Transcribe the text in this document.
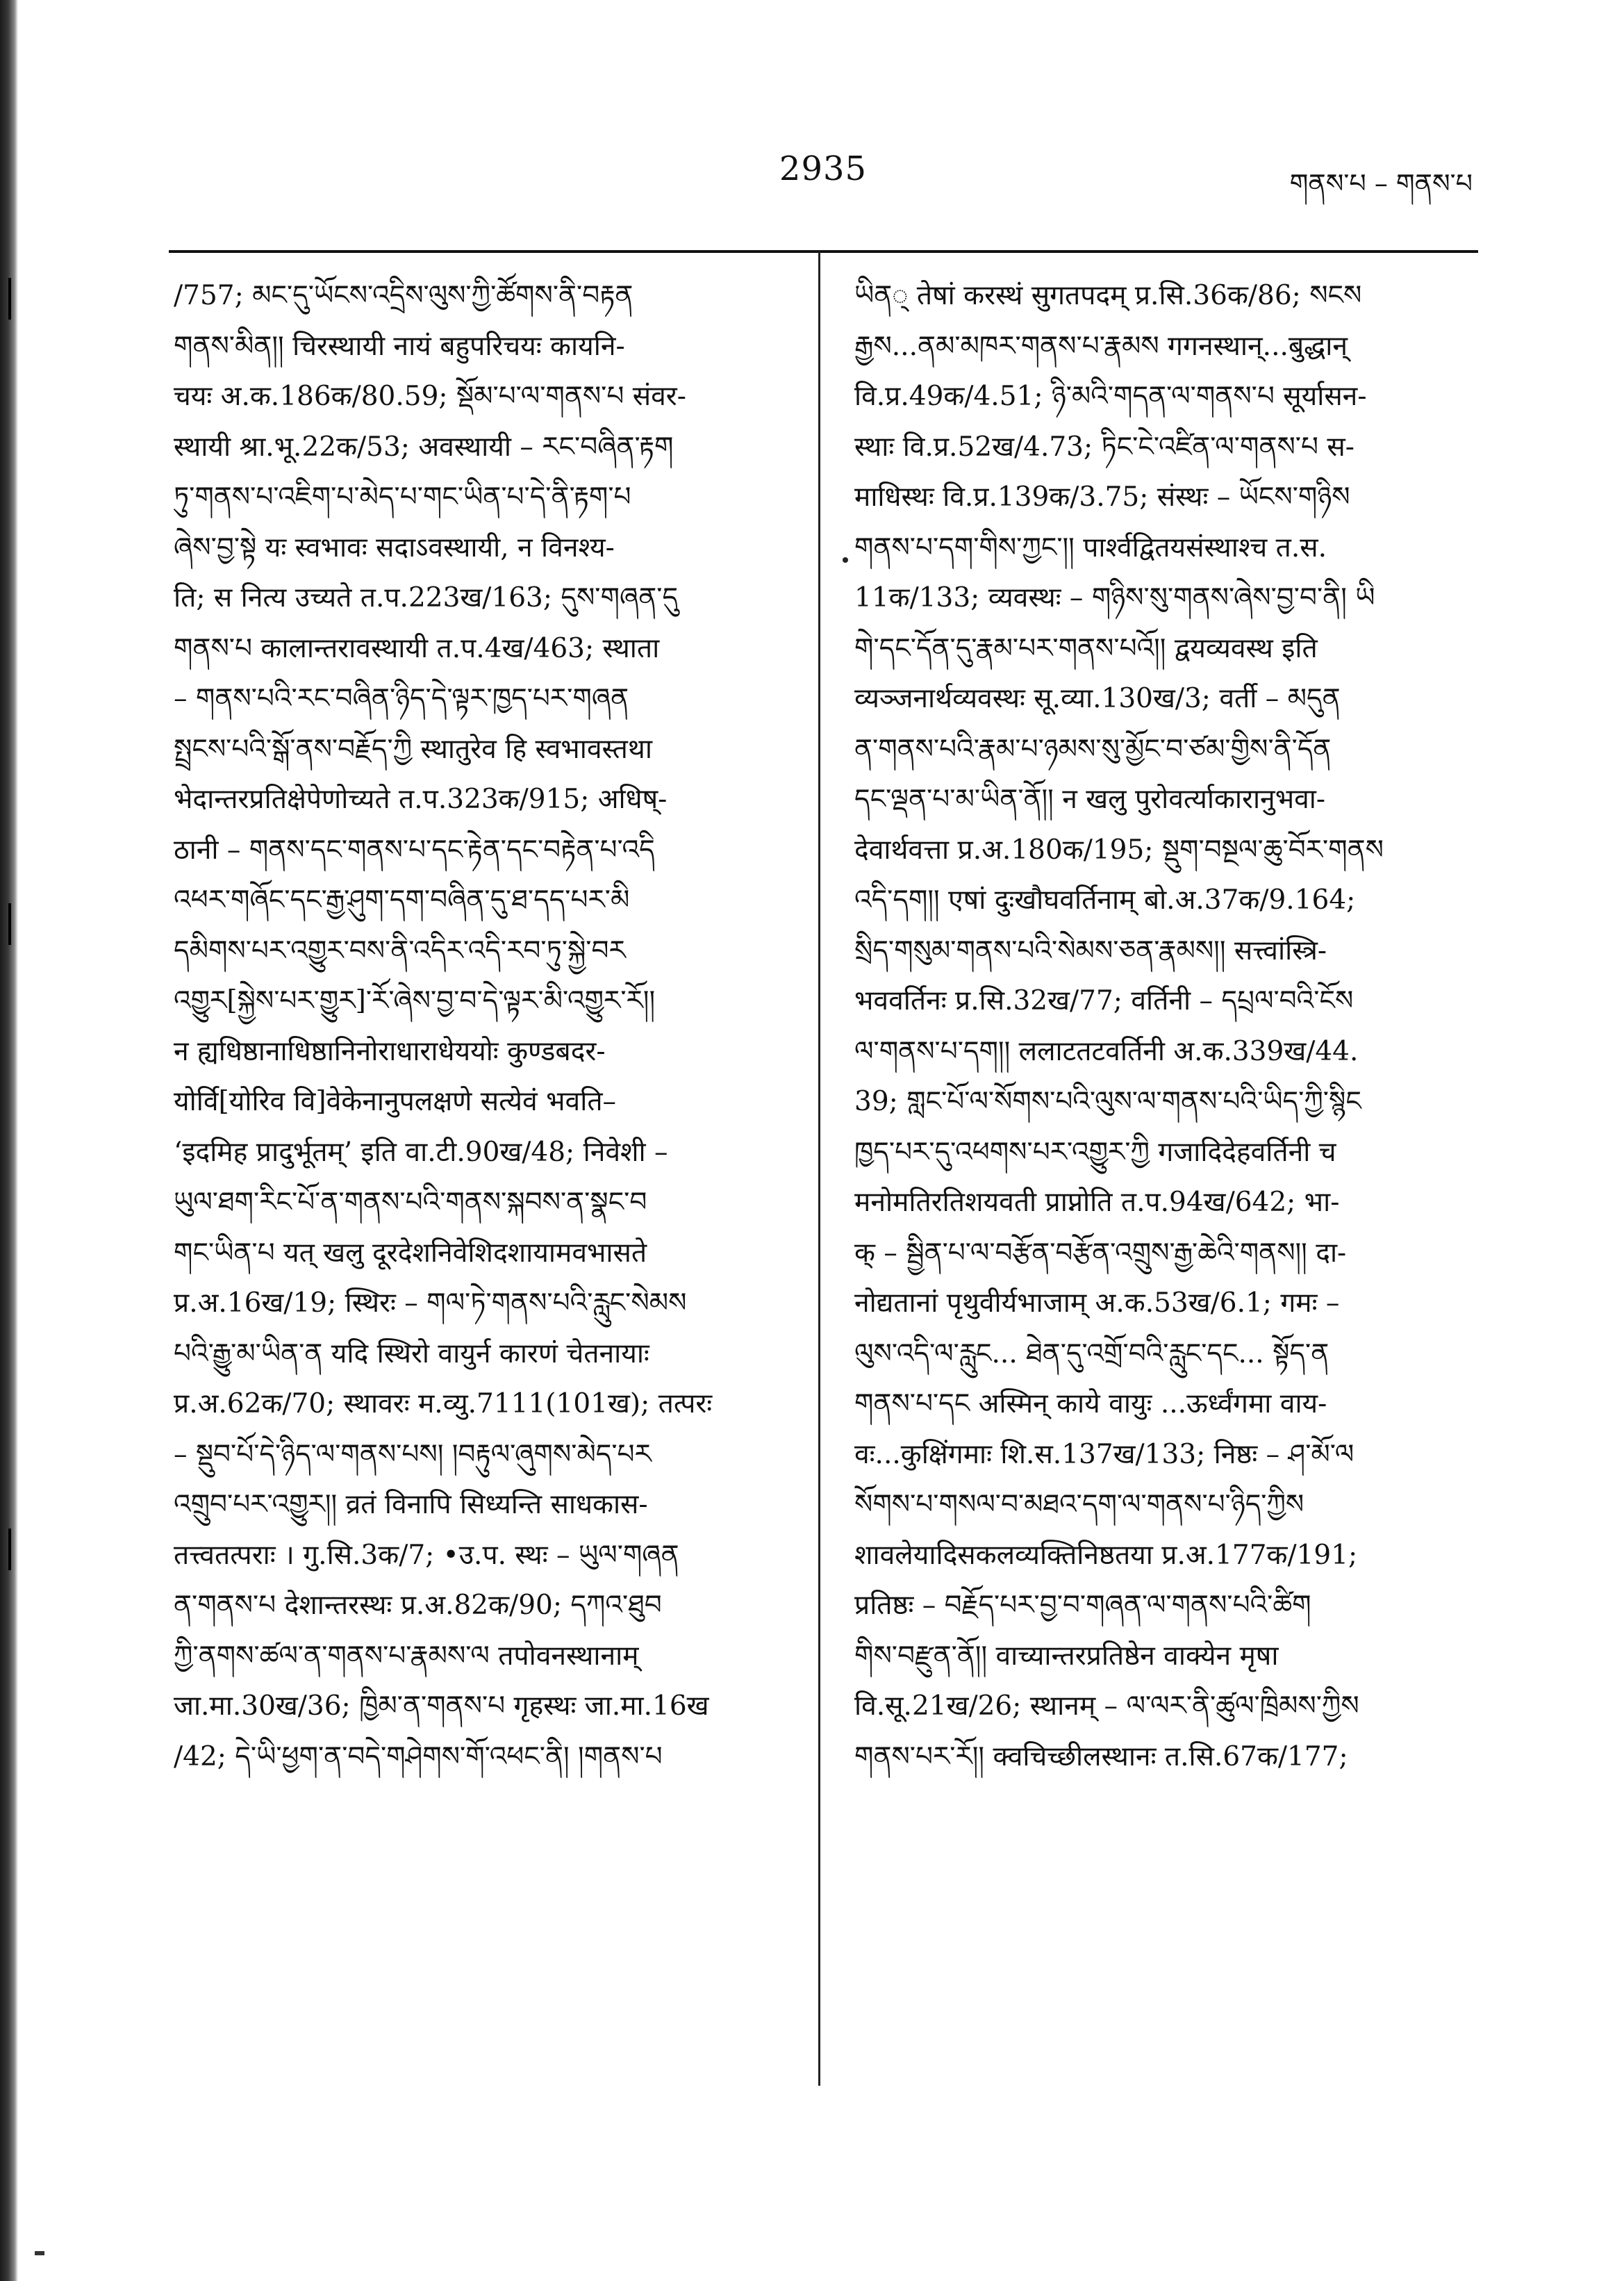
2935	གནས་པ – གནས་པ
/757; མང་དུ་ཡོངས་འདྲིས་ལུས་ཀྱི་ཚོགས་ནི་བརྟན
གནས་མིན།། चिरस्थायी नायं बहुपरिचयः कायनि-
चयः अ.क.186क/80.59; སྡོམ་པ་ལ་གནས་པ संवर-
स्थायी श्रा.भू.22क/53; अवस्थायी – རང་བཞིན་རྟག
ཏུ་གནས་པ་འཇིག་པ་མེད་པ་གང་ཡིན་པ་དེ་ནི་རྟག་པ
ཞེས་བྱ་སྟེ यः स्वभावः सदाऽवस्थायी, न विनश्य-
ति; स नित्य उच्यते त.प.223ख/163; དུས་གཞན་དུ
གནས་པ कालान्तरावस्थायी त.प.4ख/463; स्थाता
– གནས་པའི་རང་བཞིན་ཉིད་དེ་ལྟར་ཁྱད་པར་གཞན
སྤྲངས་པའི་སྒོ་ནས་བརྗོད་ཀྱི स्थातुरेव हि स्वभावस्तथा
भेदान्तरप्रतिक्षेपेणोच्यते त.प.323क/915; अधिष्-
ठानी – གནས་དང་གནས་པ་དང་རྟེན་དང་བརྟེན་པ་འདི
འཕར་གཞོང་དང་རྒྱ་ཤུག་དག་བཞིན་དུ་ཐ་དད་པར་མི
དམིགས་པར་འགྱུར་བས་ནི་འདིར་འདི་རབ་ཏུ་སྐྱེ་བར
འགྱུར[སྐྱེས་པར་གྱུར]་རོ་ཞེས་བྱ་བ་དེ་ལྟར་མི་འགྱུར་རོ།།
न ह्यधिष्ठानाधिष्ठानिनोराधाराधेययोः कुण्डबदर-
योर्वि[योरिव वि]वेकेनानुपलक्षणे सत्येवं भवति–
‘इदमिह प्रादुर्भूतम्’ इति वा.टी.90ख/48; निवेशी –
ཡུལ་ཐག་རིང་པོ་ན་གནས་པའི་གནས་སྐབས་ན་སྣང་བ
གང་ཡིན་པ यत् खलु दूरदेशनिवेशिदशायामवभासते
प्र.अ.16ख/19; स्थिरः – གལ་ཏེ་གནས་པའི་རླུང་སེམས
པའི་རྒྱུ་མ་ཡིན་ན यदि स्थिरो वायुर्न कारणं चेतनायाः
प्र.अ.62क/70; स्थावरः म.व्यु.7111(101ख); तत्परः
– སྡུབ་པོ་དེ་ཉིད་ལ་གནས་པས། །བརྟུལ་ཞུགས་མེད་པར
འགྲུབ་པར་འགྱུར།། व्रतं विनापि सिध्यन्ति साधकास-
तत्त्वतत्पराः । गु.सि.3क/7; •उ.प. स्थः – ཡུལ་གཞན
ན་གནས་པ देशान्तरस्थः प्र.अ.82क/90; དཀའ་ཐུབ
ཀྱི་ནགས་ཚལ་ན་གནས་པ་རྣམས་ལ तपोवनस्थानाम्
जा.मा.30ख/36; ཁྱིམ་ན་གནས་པ गृहस्थः जा.मा.16ख
/42; དེ་ཡི་ཕྱག་ན་བདེ་གཤེགས་གོ་འཕང་ནི། །གནས་པ
ཡིན् तेषां करस्थं सुगतपदम् प्र.सि.36क/86; སངས
རྒྱས...ནམ་མཁར་གནས་པ་རྣམས गगनस्थान्...बुद्धान्
वि.प्र.49क/4.51; ཉི་མའི་གདན་ལ་གནས་པ सूर्यासन-
स्थाः वि.प्र.52ख/4.73; ཏིང་ངེ་འཛིན་ལ་གནས་པ स-
माधिस्थः वि.प्र.139क/3.75; संस्थः – ཡོངས་གཉིས
གནས་པ་དག་གིས་ཀྱང་།། पार्श्वद्वितयसंस्थाश्च त.स.
11क/133; व्यवस्थः – གཉིས་སུ་གནས་ཞེས་བྱ་བ་ནི། ཡི
གེ་དང་དོན་དུ་རྣམ་པར་གནས་པའོ།། द्वयव्यवस्थ इति
व्यञ्जनार्थव्यवस्थः सू.व्या.130ख/3; वर्ती – མདུན
ན་གནས་པའི་རྣམ་པ་ཉམས་སུ་མྱོང་བ་ཙམ་གྱིས་ནི་དོན
དང་ལྡན་པ་མ་ཡིན་ནོ།། न खलु पुरोवर्त्याकारानुभवा-
देवार्थवत्ता प्र.अ.180क/195; སྡུག་བསྔལ་ཆུ་བོར་གནས
འདི་དག།། एषां दुःखौघवर्तिनाम् बो.अ.37क/9.164;
སྲིད་གསུམ་གནས་པའི་སེམས་ཅན་རྣམས།། सत्त्वांस्त्रि-
भववर्तिनः प्र.सि.32ख/77; वर्तिनी – དཔྲལ་བའི་ངོས
ལ་གནས་པ་དག།། ललाटतटवर्तिनी अ.क.339ख/44.
39; གླང་པོ་ལ་སོགས་པའི་ལུས་ལ་གནས་པའི་ཡིད་ཀྱི་སྙིང
ཁྱད་པར་དུ་འཕགས་པར་འགྱུར་ཀྱི गजादिदेहवर्तिनी च
मनोमतिरतिशयवती प्राप्नोति त.प.94ख/642; भा-
क् – སྦྱིན་པ་ལ་བརྩོན་བརྩོན་འགྲུས་རྒྱ་ཆེའི་གནས།། दा-
नोद्यतानां पृथुवीर्यभाजाम् अ.क.53ख/6.1; गमः –
ལུས་འདི་ལ་རླུང... ཐེན་དུ་འགྲོ་བའི་རླུང་དང... སྟོད་ན
གནས་པ་དང अस्मिन् काये वायुः ...ऊर्ध्वंगमा वाय-
वः...कुक्षिंगमाः शि.स.137ख/133; निष्ठः – ཤ་མོ་ལ
སོགས་པ་གསལ་བ་མཐའ་དག་ལ་གནས་པ་ཉིད་ཀྱིས
शावलेयादिसकलव्यक्तिनिष्ठतया प्र.अ.177क/191;
प्रतिष्ठः – བརྗོད་པར་བྱ་བ་གཞན་ལ་གནས་པའི་ཚིག
གིས་བརྫུན་ནོ།། वाच्यान्तरप्रतिष्ठेन वाक्येन मृषा
वि.सू.21ख/26; स्थानम् – ལ་ལར་ནི་ཚུལ་ཁྲིམས་ཀྱིས
གནས་པར་རོ།། क्वचिच्छीलस्थानः त.सि.67क/177;
